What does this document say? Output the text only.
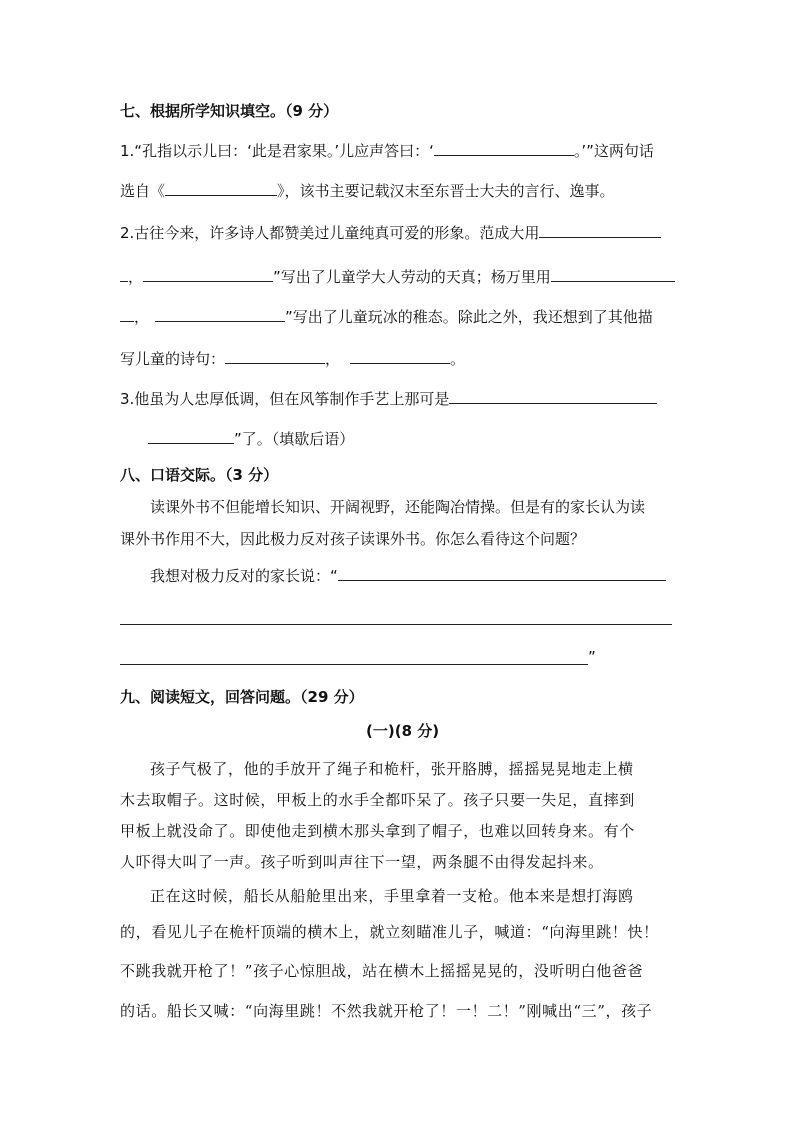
七、根据所学知识填空。（9 分）
1.“孔指以示儿曰：‘此是君家果。’儿应声答曰：‘	。’”这两句话
选自《	》，该书主要记载汉末至东晋士大夫的言行、逸事。
2.古往今来，许多诗人都赞美过儿童纯真可爱的形象。范成大用
，	”写出了儿童学大人劳动的天真；杨万里用
，	”写出了儿童玩冰的稚态。除此之外，我还想到了其他描
写儿童的诗句：	，	。
3.他虽为人忠厚低调，但在风筝制作手艺上那可是
”了。（填歇后语）
八、口语交际。（3 分）
读课外书不但能增长知识、开阔视野，还能陶冶情操。但是有的家长认为读
课外书作用不大，因此极力反对孩子读课外书。你怎么看待这个问题？
我想对极力反对的家长说：“
”
九、阅读短文，回答问题。（29 分）
(一)(8 分)
孩子气极了，他的手放开了绳子和桅杆，张开胳膊，摇摇晃晃地走上横
木去取帽子。这时候，甲板上的水手全都吓呆了。孩子只要一失足，直摔到
甲板上就没命了。即使他走到横木那头拿到了帽子，也难以回转身来。有个
人吓得大叫了一声。孩子听到叫声往下一望，两条腿不由得发起抖来。
正在这时候，船长从船舱里出来，手里拿着一支枪。他本来是想打海鸥
的，看见儿子在桅杆顶端的横木上，就立刻瞄准儿子，喊道：“向海里跳！快！
不跳我就开枪了！”孩子心惊胆战，站在横木上摇摇晃晃的，没听明白他爸爸
的话。船长又喊：“向海里跳！不然我就开枪了！一！二！”刚喊出“三”，孩子
